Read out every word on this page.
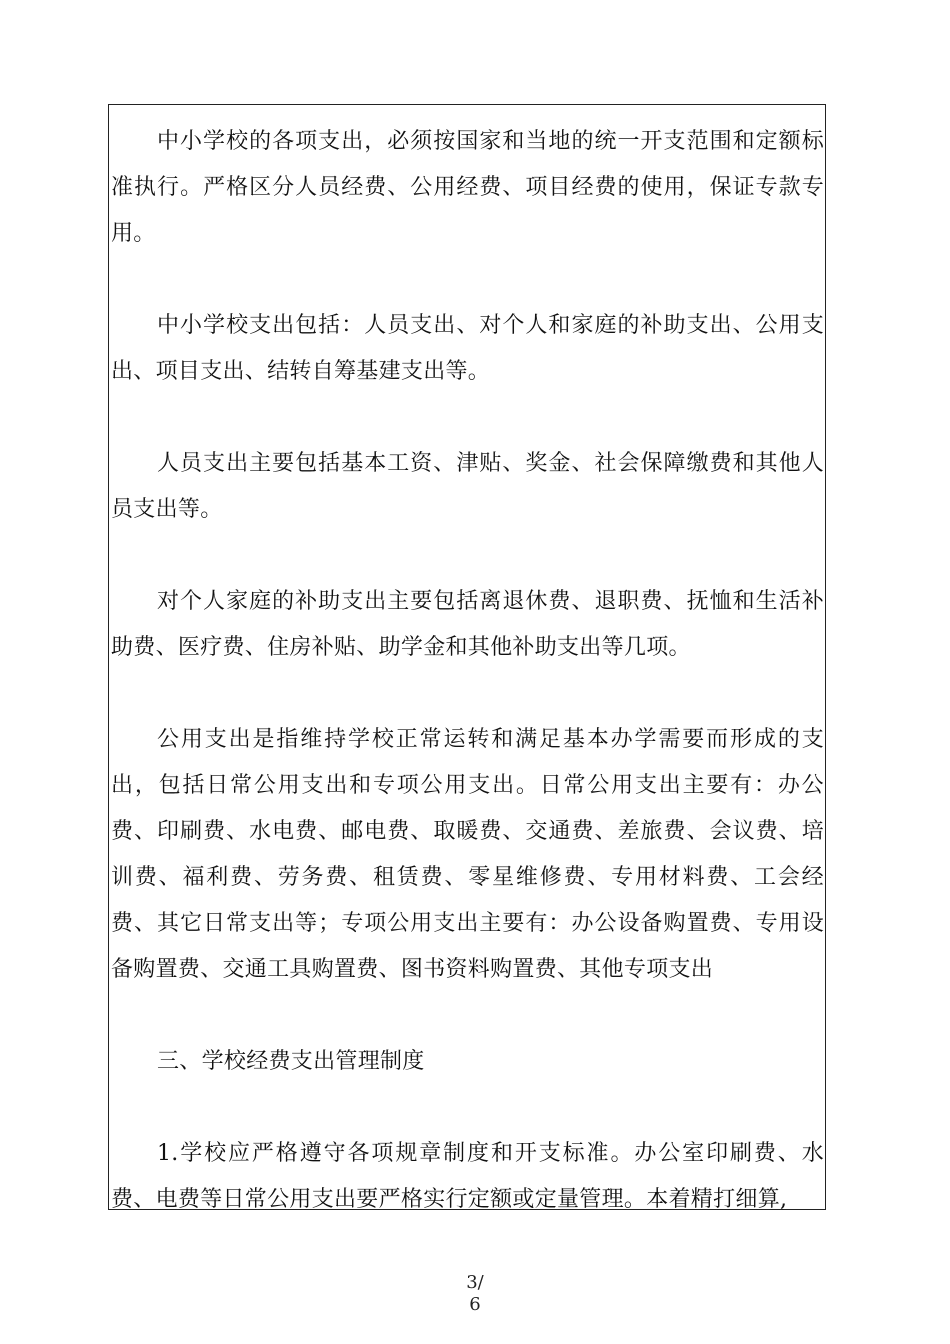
中小学校的各项支出，必须按国家和当地的统一开支范围和定额标准执行。严格区分人员经费、公用经费、项目经费的使用，保证专款专用。

中小学校支出包括：人员支出、对个人和家庭的补助支出、公用支出、项目支出、结转自筹基建支出等。

人员支出主要包括基本工资、津贴、奖金、社会保障缴费和其他人员支出等。

对个人家庭的补助支出主要包括离退休费、退职费、抚恤和生活补助费、医疗费、住房补贴、助学金和其他补助支出等几项。

公用支出是指维持学校正常运转和满足基本办学需要而形成的支出，包括日常公用支出和专项公用支出。日常公用支出主要有：办公费、印刷费、水电费、邮电费、取暖费、交通费、差旅费、会议费、培训费、福利费、劳务费、租赁费、零星维修费、专用材料费、工会经费、其它日常支出等；专项公用支出主要有：办公设备购置费、专用设备购置费、交通工具购置费、图书资料购置费、其他专项支出

三、学校经费支出管理制度

1.学校应严格遵守各项规章制度和开支标准。办公室印刷费、水费、电费等日常公用支出要严格实行定额或定量管理。本着精打细算,

3/
6
